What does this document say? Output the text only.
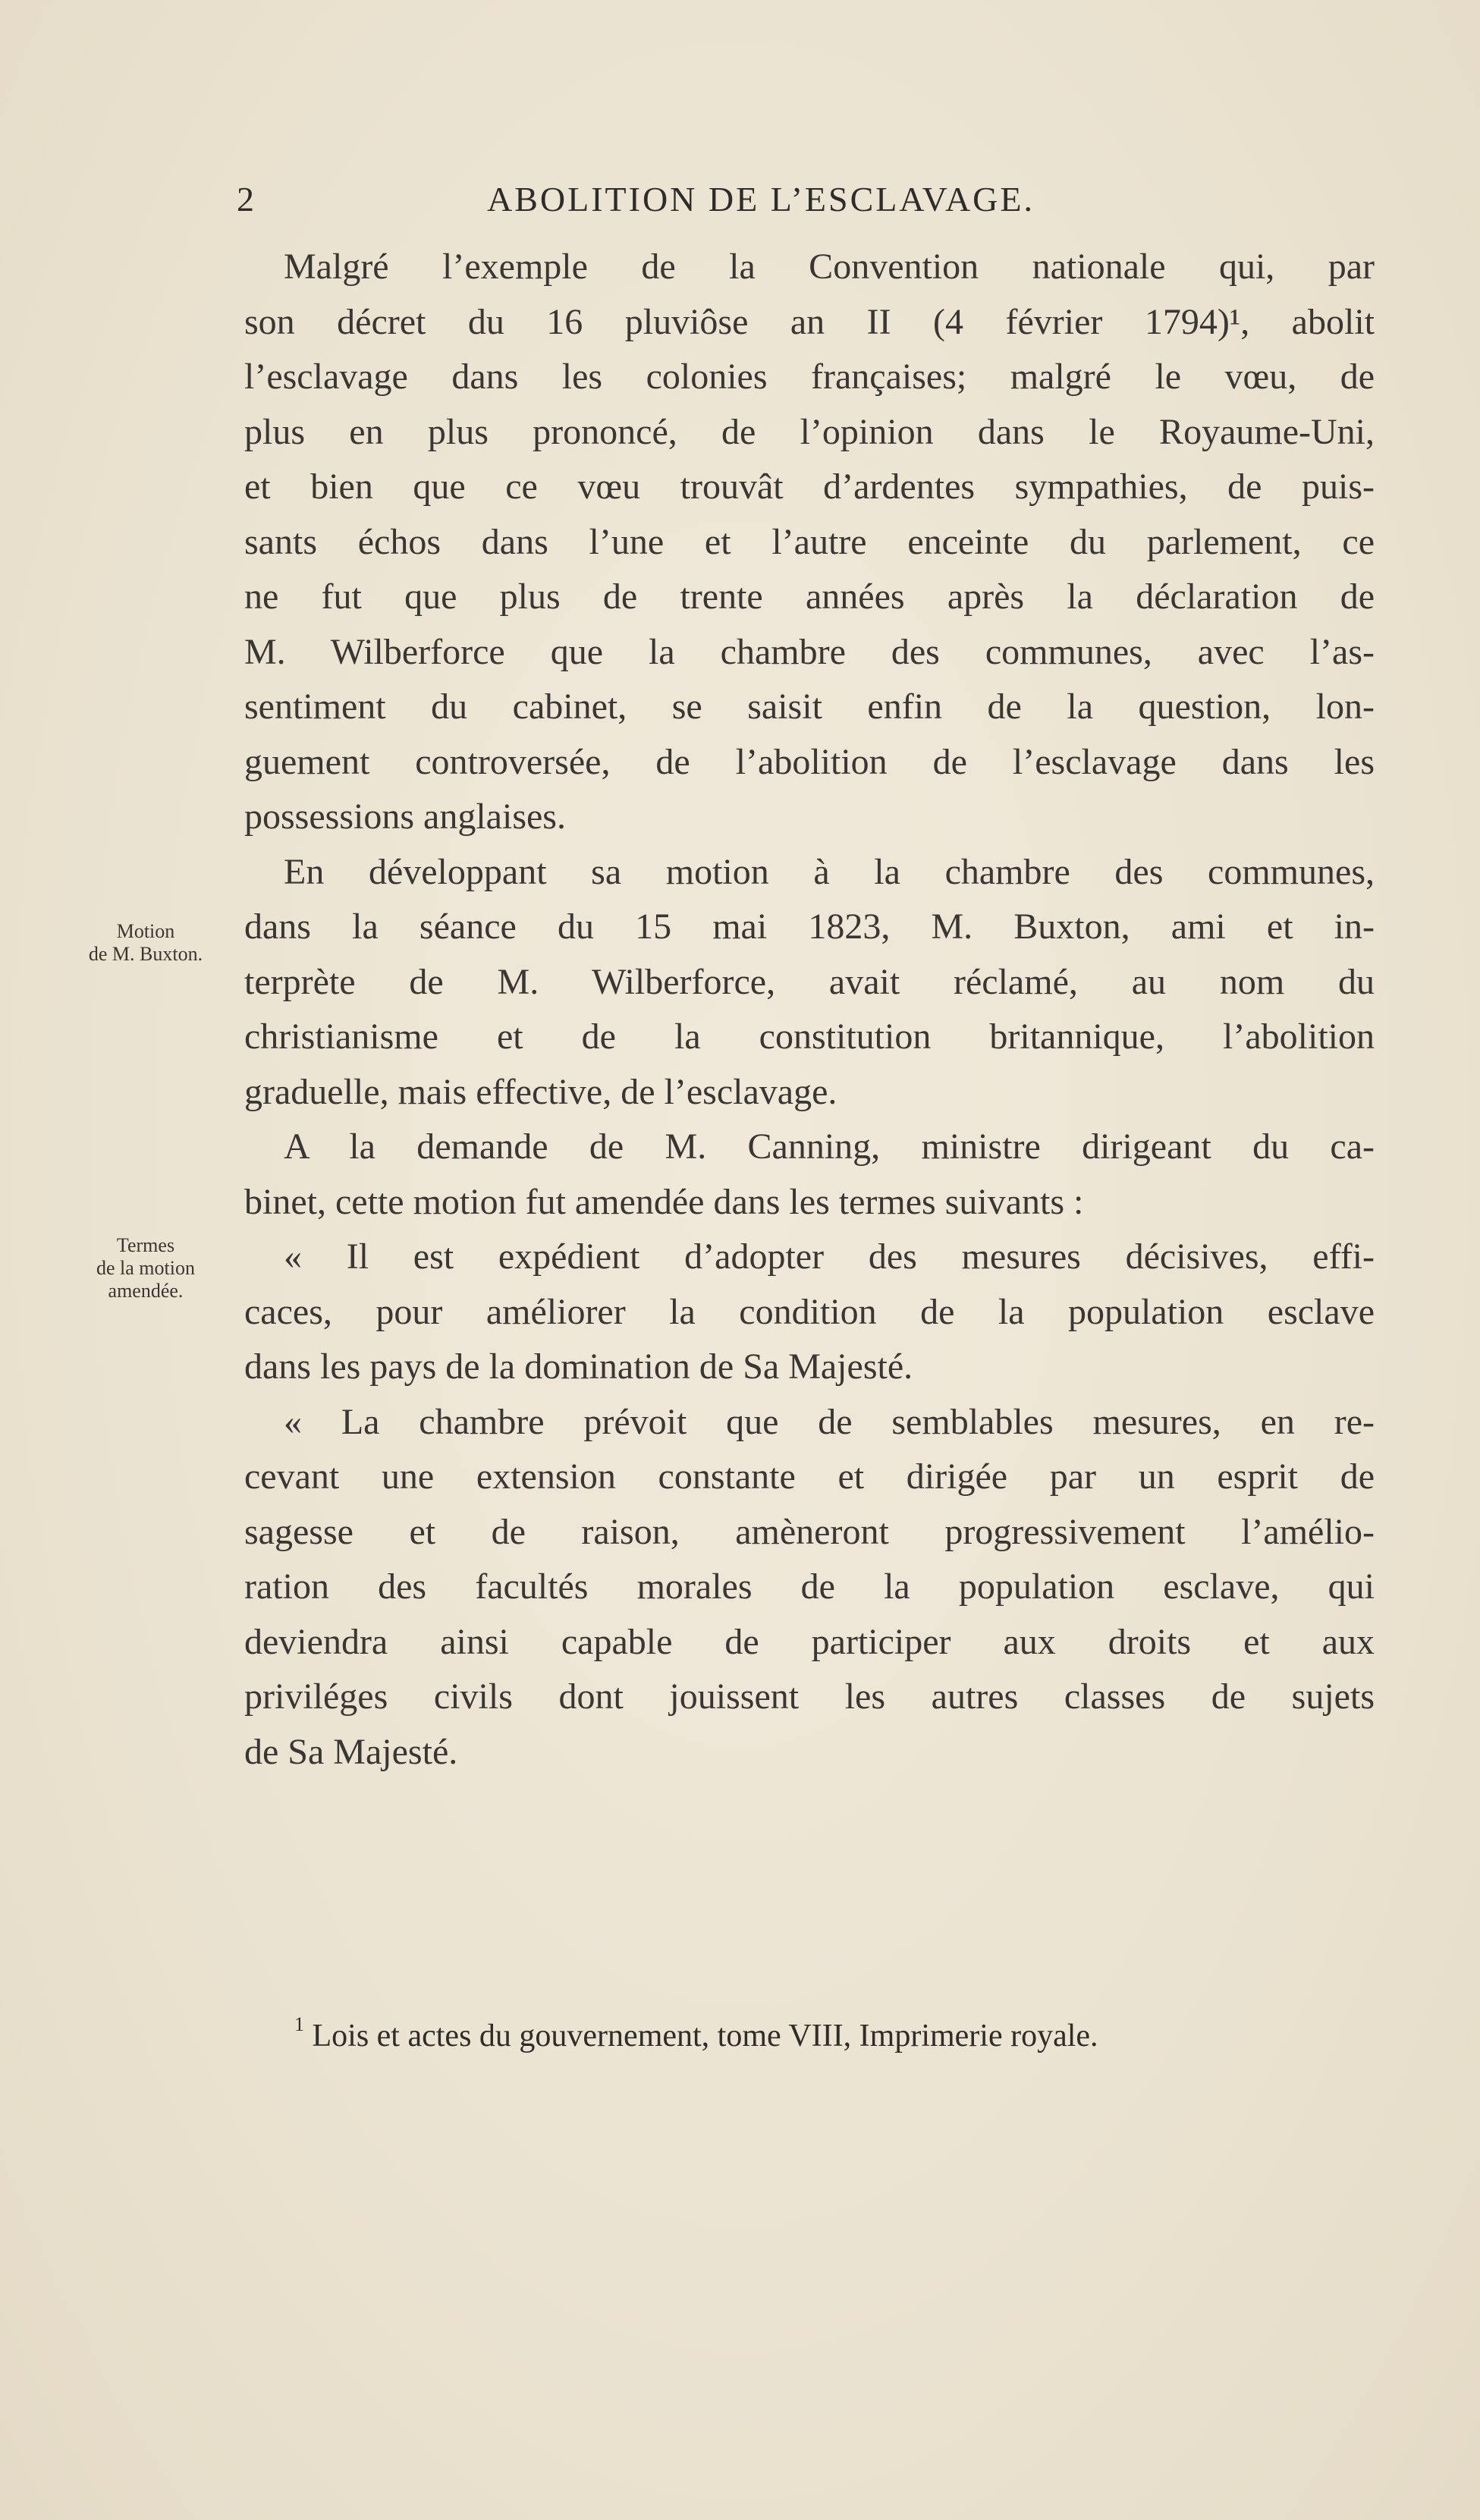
2	ABOLITION DE L’ESCLAVAGE.
Malgré l’exemple de la Convention nationale qui, par
son décret du 16 pluviôse an II (4 février 1794)¹, abolit
l’esclavage dans les colonies françaises; malgré le vœu, de
plus en plus prononcé, de l’opinion dans le Royaume-Uni,
et bien que ce vœu trouvât d’ardentes sympathies, de puis-
sants échos dans l’une et l’autre enceinte du parlement, ce
ne fut que plus de trente années après la déclaration de
M. Wilberforce que la chambre des communes, avec l’as-
sentiment du cabinet, se saisit enfin de la question, lon-
guement controversée, de l’abolition de l’esclavage dans les
possessions anglaises.
En développant sa motion à la chambre des communes,
dans la séance du 15 mai 1823, M. Buxton, ami et in-
terprète de M. Wilberforce, avait réclamé, au nom du
christianisme et de la constitution britannique, l’abolition
graduelle, mais effective, de l’esclavage.
A la demande de M. Canning, ministre dirigeant du ca-
binet, cette motion fut amendée dans les termes suivants :
« Il est expédient d’adopter des mesures décisives, effi-
caces, pour améliorer la condition de la population esclave
dans les pays de la domination de Sa Majesté.
« La chambre prévoit que de semblables mesures, en re-
cevant une extension constante et dirigée par un esprit de
sagesse et de raison, amèneront progressivement l’amélio-
ration des facultés morales de la population esclave, qui
deviendra ainsi capable de participer aux droits et aux
priviléges civils dont jouissent les autres classes de sujets
de Sa Majesté.
Motion
de M. Buxton.
Termes
de la motion
amendée.
$^1$ Lois et actes du gouvernement, tome VIII, Imprimerie royale.
